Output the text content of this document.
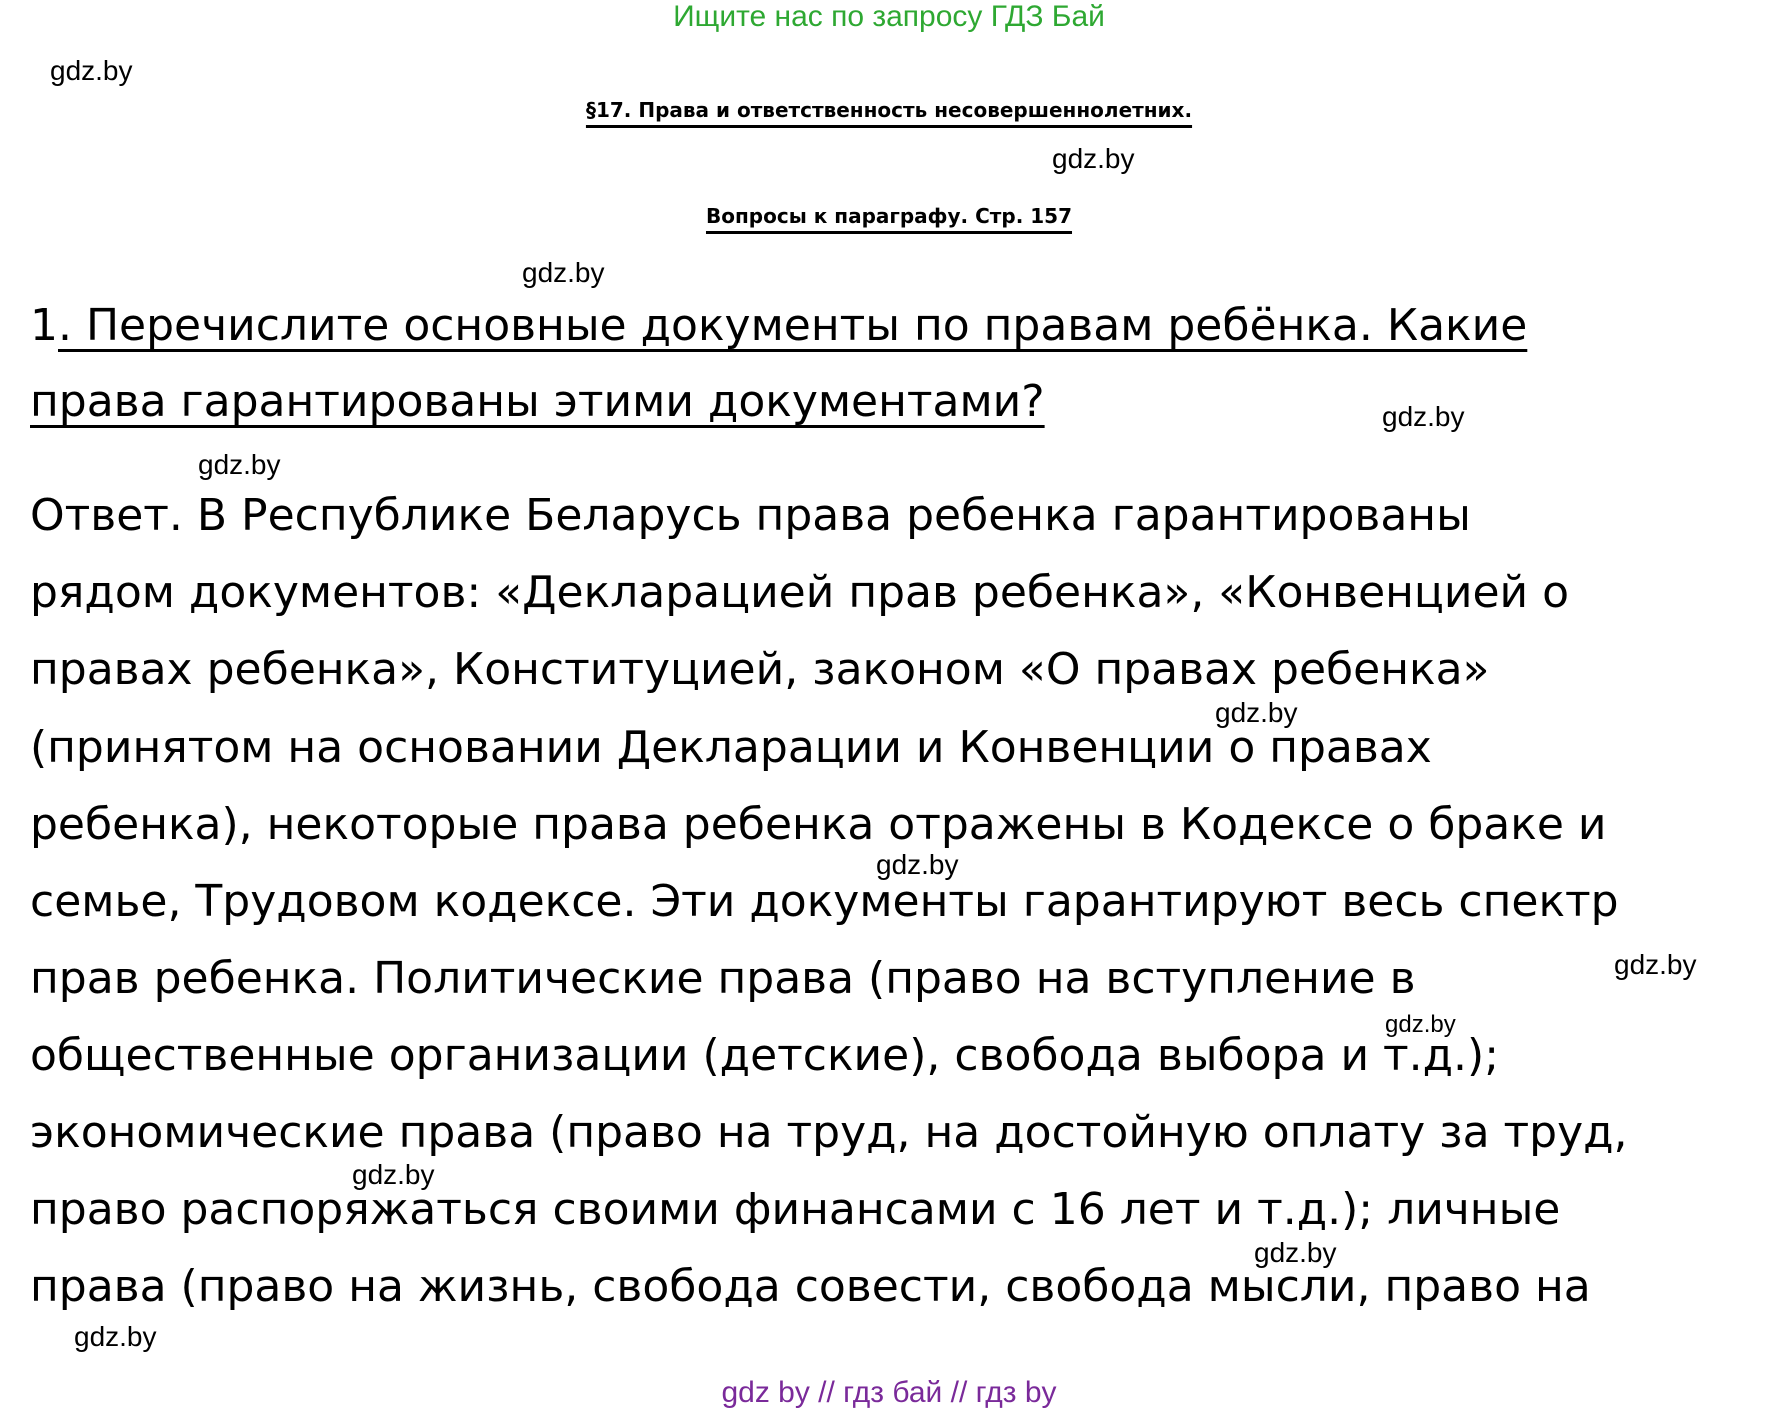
Ищите нас по запросу ГДЗ Бай
gdz.by
§17. Права и ответственность несовершеннолетних.
gdz.by
Вопросы к параграфу. Стр. 157
gdz.by
1. Перечислите основные документы по правам ребёнка. Какие
права гарантированы этими документами?	gdz.by
gdz.by
Ответ. В Республике Беларусь права ребенка гарантированы
рядом документов: «Декларацией прав ребенка», «Конвенцией о
правах ребенка», Конституцией, законом «О правах ребенка»
gdz.by
(принятом на основании Декларации и Конвенции о правах
ребенка), некоторые права ребенка отражены в Кодексе о браке и
gdz.by
семье, Трудовом кодексе. Эти документы гарантируют весь спектр
gdz.by
прав ребенка. Политические права (право на вступление в
gdz.by
общественные организации (детские), свобода выбора и т.д.);
экономические права (право на труд, на достойную оплату за труд,
gdz.by
право распоряжаться своими финансами с 16 лет и т.д.); личные
gdz.by
права (право на жизнь, свобода совести, свобода мысли, право на
gdz.by
gdz by // гдз бай // гдз by
